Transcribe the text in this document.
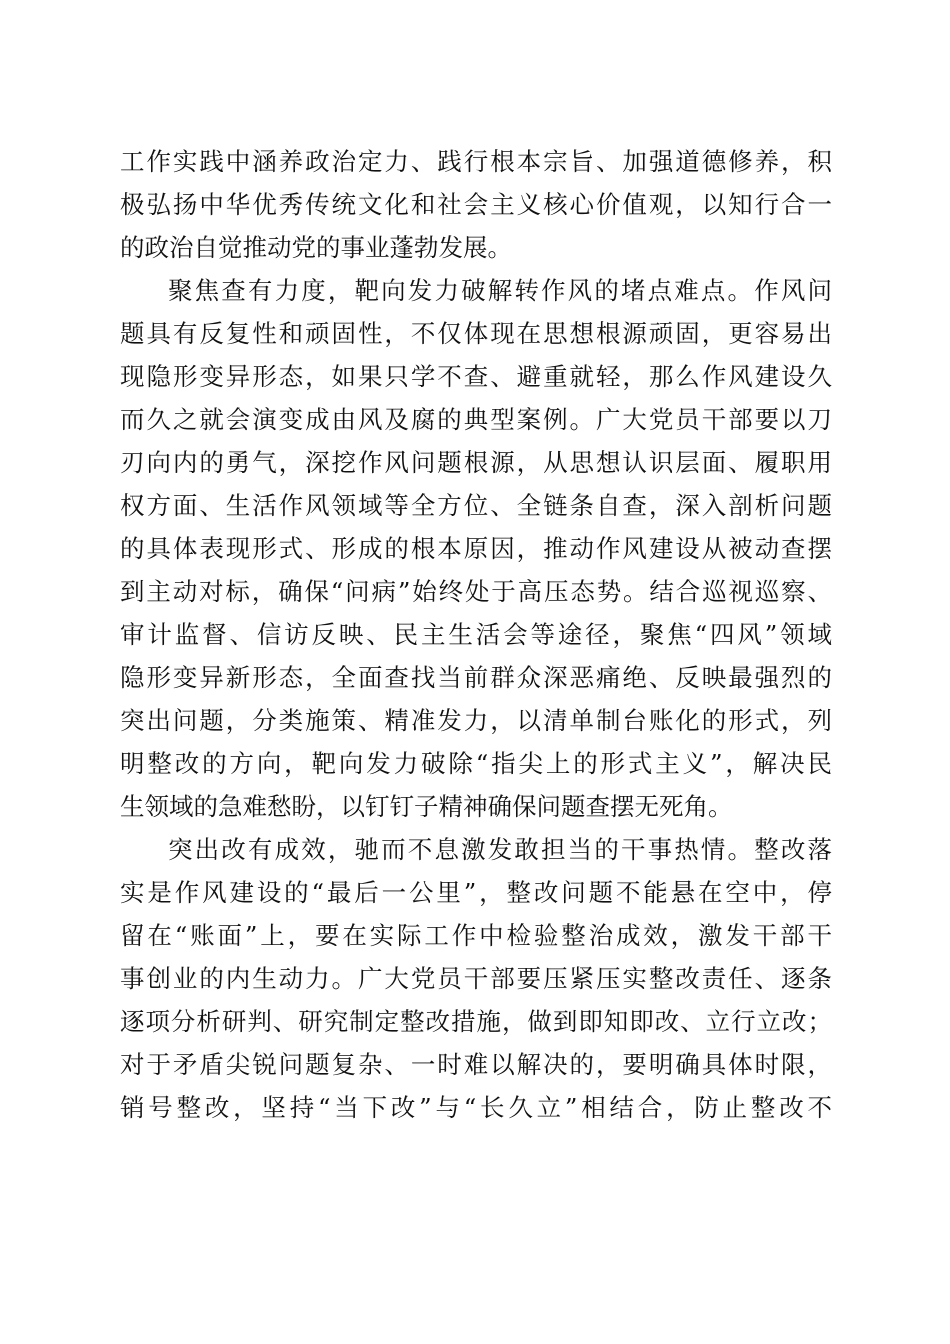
工作实践中涵养政治定力、践行根本宗旨、加强道德修养，积
极弘扬中华优秀传统文化和社会主义核心价值观，以知行合一
的政治自觉推动党的事业蓬勃发展。
聚焦查有力度，靶向发力破解转作风的堵点难点。作风问
题具有反复性和顽固性，不仅体现在思想根源顽固，更容易出
现隐形变异形态，如果只学不查、避重就轻，那么作风建设久
而久之就会演变成由风及腐的典型案例。广大党员干部要以刀
刃向内的勇气，深挖作风问题根源，从思想认识层面、履职用
权方面、生活作风领域等全方位、全链条自查，深入剖析问题
的具体表现形式、形成的根本原因，推动作风建设从被动查摆
到主动对标，确保“问病”始终处于高压态势。结合巡视巡察、
审计监督、信访反映、民主生活会等途径，聚焦“四风”领域
隐形变异新形态，全面查找当前群众深恶痛绝、反映最强烈的
突出问题，分类施策、精准发力，以清单制台账化的形式，列
明整改的方向，靶向发力破除“指尖上的形式主义”，解决民
生领域的急难愁盼，以钉钉子精神确保问题查摆无死角。
突出改有成效，驰而不息激发敢担当的干事热情。整改落
实是作风建设的“最后一公里”，整改问题不能悬在空中，停
留在“账面”上，要在实际工作中检验整治成效，激发干部干
事创业的内生动力。广大党员干部要压紧压实整改责任、逐条
逐项分析研判、研究制定整改措施，做到即知即改、立行立改；
对于矛盾尖锐问题复杂、一时难以解决的，要明确具体时限，
销号整改，坚持“当下改”与“长久立”相结合，防止整改不
